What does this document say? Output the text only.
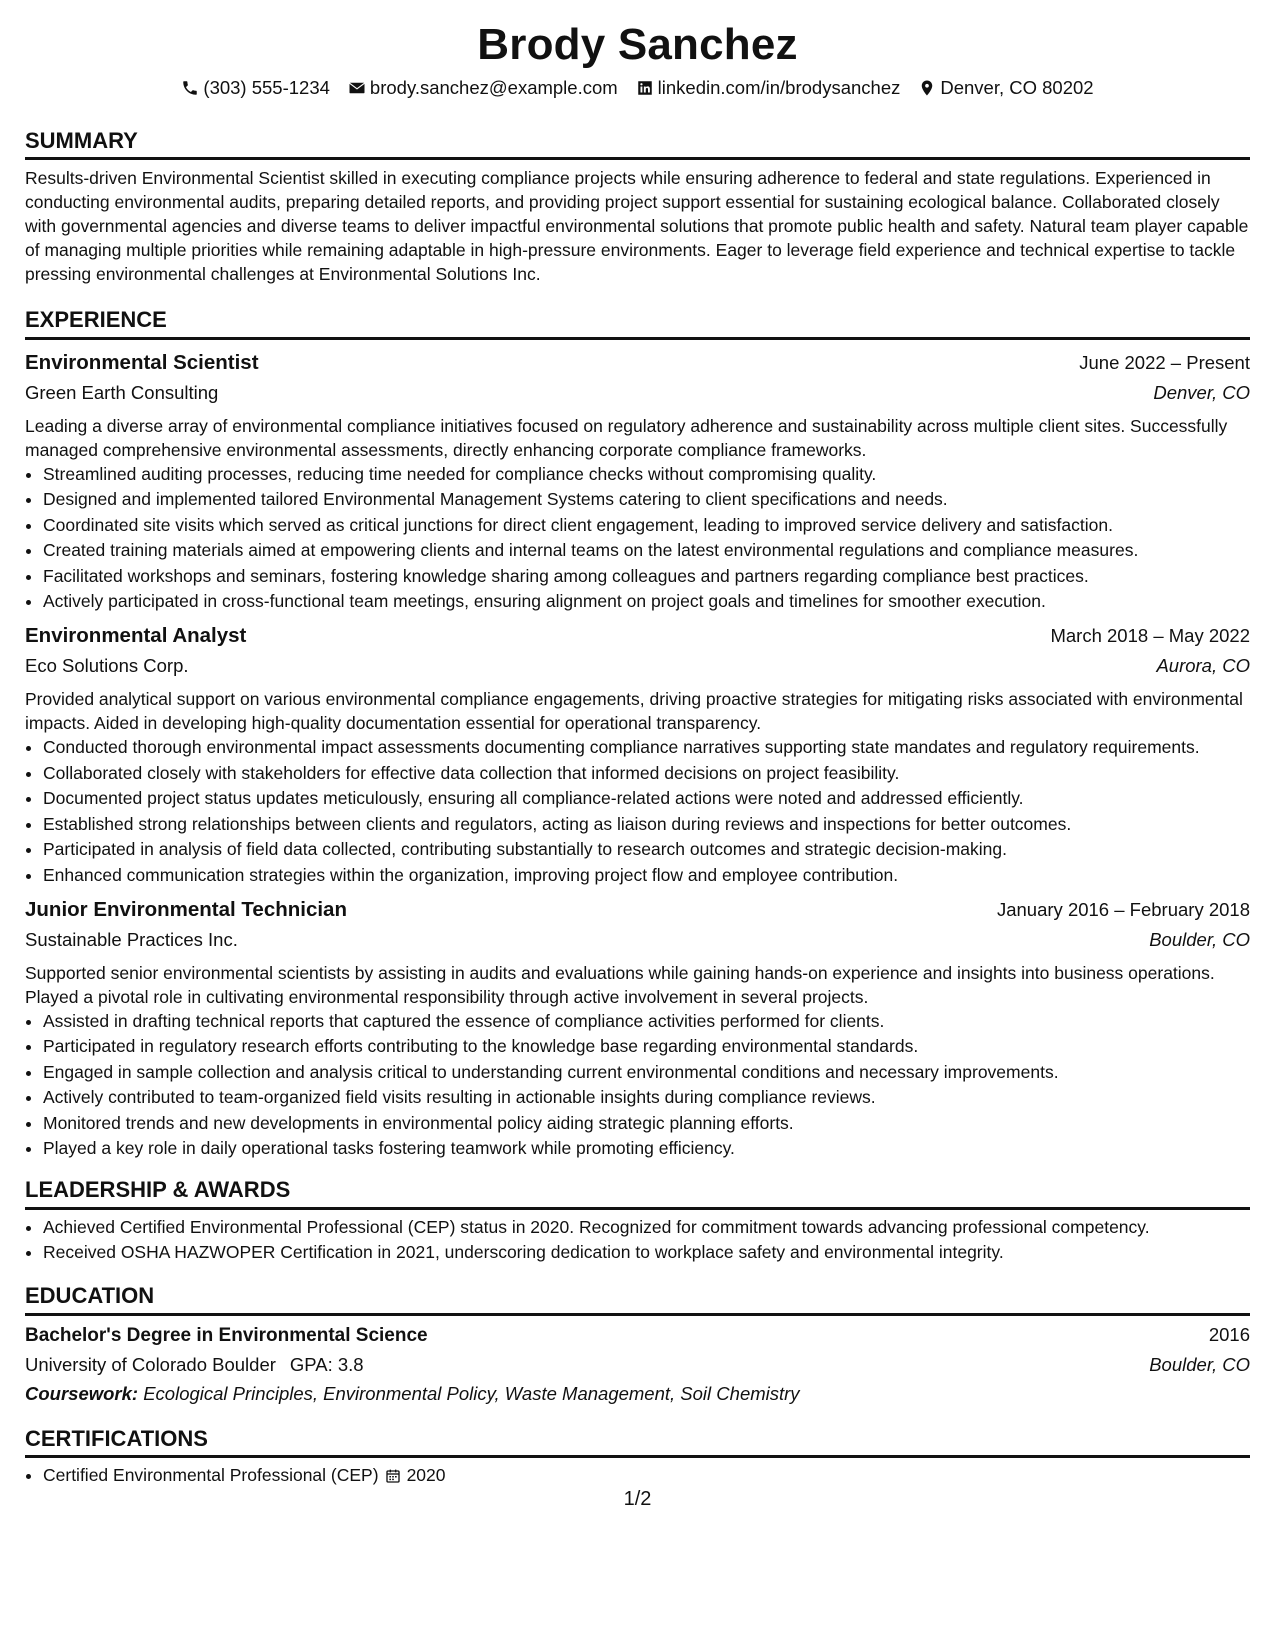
Brody Sanchez
(303) 555-1234 brody.sanchez@example.com linkedin.com/in/brodysanchez Denver, CO 80202
SUMMARY

Results-driven Environmental Scientist skilled in executing compliance projects while ensuring adherence to federal and state regulations. Experienced in conducting environmental audits, preparing detailed reports, and providing project support essential for sustaining ecological balance. Collaborated closely with governmental agencies and diverse teams to deliver impactful environmental solutions that promote public health and safety. Natural team player capable of managing multiple priorities while remaining adaptable in high-pressure environments. Eager to leverage field experience and technical expertise to tackle pressing environmental challenges at Environmental Solutions Inc.

EXPERIENCE
Environmental Scientist	June 2022 – Present
Green Earth Consulting	Denver, CO

Leading a diverse array of environmental compliance initiatives focused on regulatory adherence and sustainability across multiple client sites. Successfully managed comprehensive environmental assessments, directly enhancing corporate compliance frameworks.

• Streamlined auditing processes, reducing time needed for compliance checks without compromising quality.
• Designed and implemented tailored Environmental Management Systems catering to client specifications and needs.
• Coordinated site visits which served as critical junctions for direct client engagement, leading to improved service delivery and satisfaction.
• Created training materials aimed at empowering clients and internal teams on the latest environmental regulations and compliance measures.
• Facilitated workshops and seminars, fostering knowledge sharing among colleagues and partners regarding compliance best practices.
• Actively participated in cross-functional team meetings, ensuring alignment on project goals and timelines for smoother execution.
Environmental Analyst	March 2018 – May 2022
Eco Solutions Corp.	Aurora, CO

Provided analytical support on various environmental compliance engagements, driving proactive strategies for mitigating risks associated with environmental impacts. Aided in developing high-quality documentation essential for operational transparency.

• Conducted thorough environmental impact assessments documenting compliance narratives supporting state mandates and regulatory requirements.
• Collaborated closely with stakeholders for effective data collection that informed decisions on project feasibility.
• Documented project status updates meticulously, ensuring all compliance-related actions were noted and addressed efficiently.
• Established strong relationships between clients and regulators, acting as liaison during reviews and inspections for better outcomes.
• Participated in analysis of field data collected, contributing substantially to research outcomes and strategic decision-making.
• Enhanced communication strategies within the organization, improving project flow and employee contribution.
Junior Environmental Technician	January 2016 – February 2018
Sustainable Practices Inc.	Boulder, CO

Supported senior environmental scientists by assisting in audits and evaluations while gaining hands-on experience and insights into business operations. Played a pivotal role in cultivating environmental responsibility through active involvement in several projects.

• Assisted in drafting technical reports that captured the essence of compliance activities performed for clients.
• Participated in regulatory research efforts contributing to the knowledge base regarding environmental standards.
• Engaged in sample collection and analysis critical to understanding current environmental conditions and necessary improvements.
• Actively contributed to team-organized field visits resulting in actionable insights during compliance reviews.
• Monitored trends and new developments in environmental policy aiding strategic planning efforts.
• Played a key role in daily operational tasks fostering teamwork while promoting efficiency.
LEADERSHIP & AWARDS
• Achieved Certified Environmental Professional (CEP) status in 2020. Recognized for commitment towards advancing professional competency.
• Received OSHA HAZWOPER Certification in 2021, underscoring dedication to workplace safety and environmental integrity.
EDUCATION
Bachelor's Degree in Environmental Science	2016
University of Colorado Boulder GPA: 3.8	Boulder, CO
Coursework: Ecological Principles, Environmental Policy, Waste Management, Soil Chemistry
CERTIFICATIONS
• Certified Environmental Professional (CEP) 2020
1/2
